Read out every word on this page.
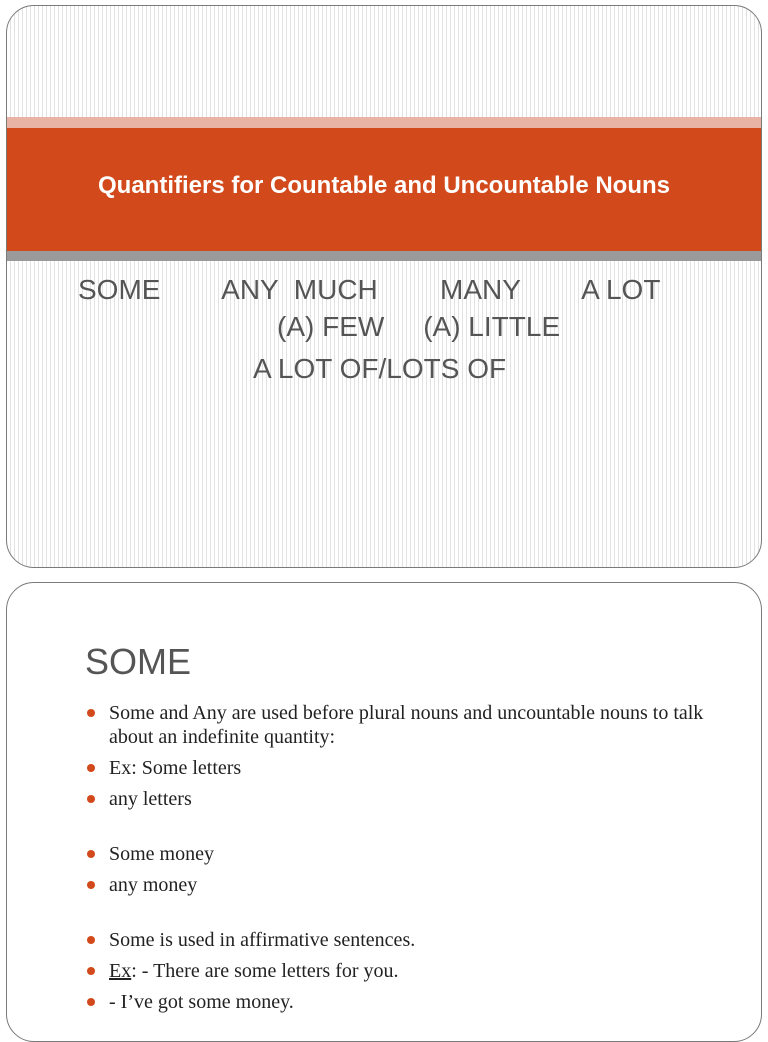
Quantifiers for Countable and Uncountable Nouns

SOME        ANY  MUCH        MANY        A LOT

(A) FEW     (A) LITTLE

A LOT OF/LOTS OF

SOME
Some and Any are used before plural nouns and uncountable nouns to talk about an indefinite quantity:
Ex: Some letters
any letters
Some money
any money
Some is used in affirmative sentences.
Ex: - There are some letters for you.
- I’ve got some money.
